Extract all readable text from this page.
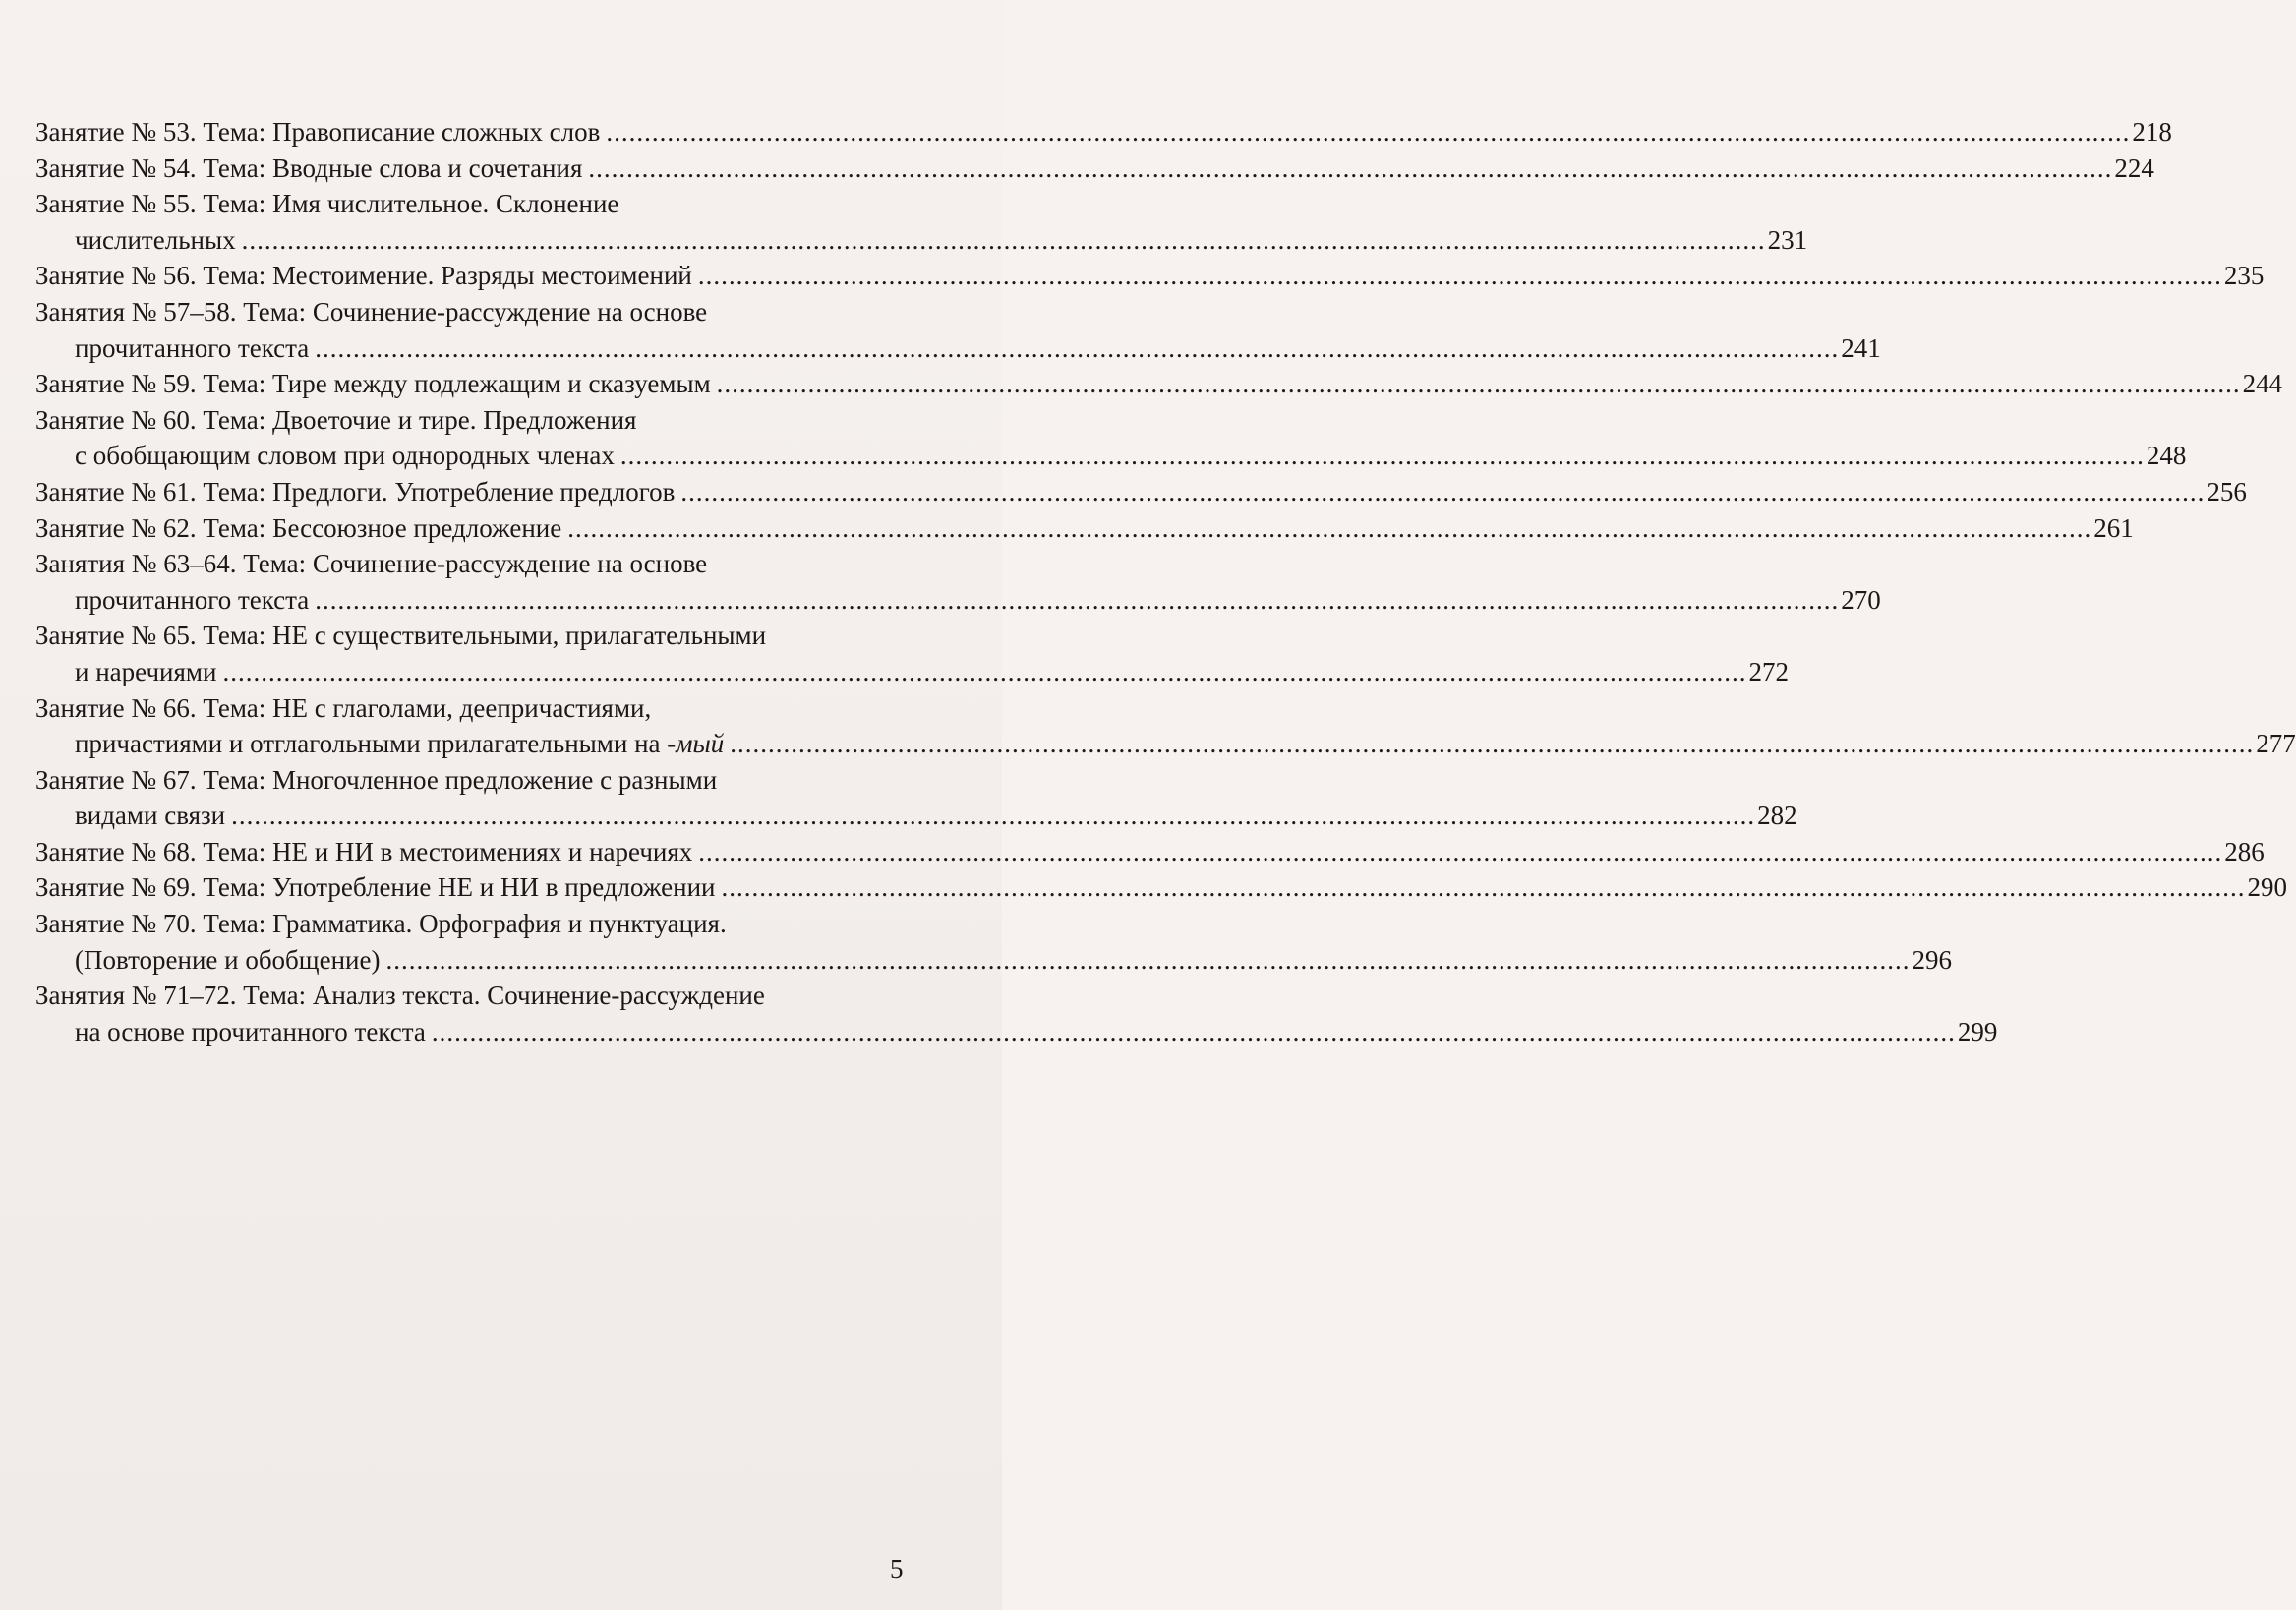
Занятие № 53. Тема: Правописание сложных слов ........................................................................................................................................................................................................ 218
Занятие № 54. Тема: Вводные слова и сочетания ........................................................................................................................................................................................................ 224
Занятие № 55. Тема: Имя числительное. Склонение
числительных ........................................................................................................................................................................................................ 231
Занятие № 56. Тема: Местоимение. Разряды местоимений ........................................................................................................................................................................................................ 235
Занятия № 57–58. Тема: Сочинение-рассуждение на основе
прочитанного текста ........................................................................................................................................................................................................ 241
Занятие № 59. Тема: Тире между подлежащим и сказуемым ........................................................................................................................................................................................................ 244
Занятие № 60. Тема: Двоеточие и тире. Предложения
с обобщающим словом при однородных членах ........................................................................................................................................................................................................ 248
Занятие № 61. Тема: Предлоги. Употребление предлогов ........................................................................................................................................................................................................ 256
Занятие № 62. Тема: Бессоюзное предложение ........................................................................................................................................................................................................ 261
Занятия № 63–64. Тема: Сочинение-рассуждение на основе
прочитанного текста ........................................................................................................................................................................................................ 270
Занятие № 65. Тема: НЕ с существительными, прилагательными
и наречиями ........................................................................................................................................................................................................ 272
Занятие № 66. Тема: НЕ с глаголами, деепричастиями,
причастиями и отглагольными прилагательными на
-мый ........................................................................................................................................................................................................ 277
Занятие № 67. Тема: Многочленное предложение с разными
видами связи ........................................................................................................................................................................................................ 282
Занятие № 68. Тема: НЕ и НИ в местоимениях и наречиях ........................................................................................................................................................................................................ 286
Занятие № 69. Тема: Употребление НЕ и НИ в предложении ........................................................................................................................................................................................................ 290
Занятие № 70. Тема: Грамматика. Орфография и пунктуация.
(Повторение и обобщение) ........................................................................................................................................................................................................ 296
Занятия № 71–72. Тема: Анализ текста. Сочинение-рассуждение
на основе прочитанного текста ........................................................................................................................................................................................................ 299
5
